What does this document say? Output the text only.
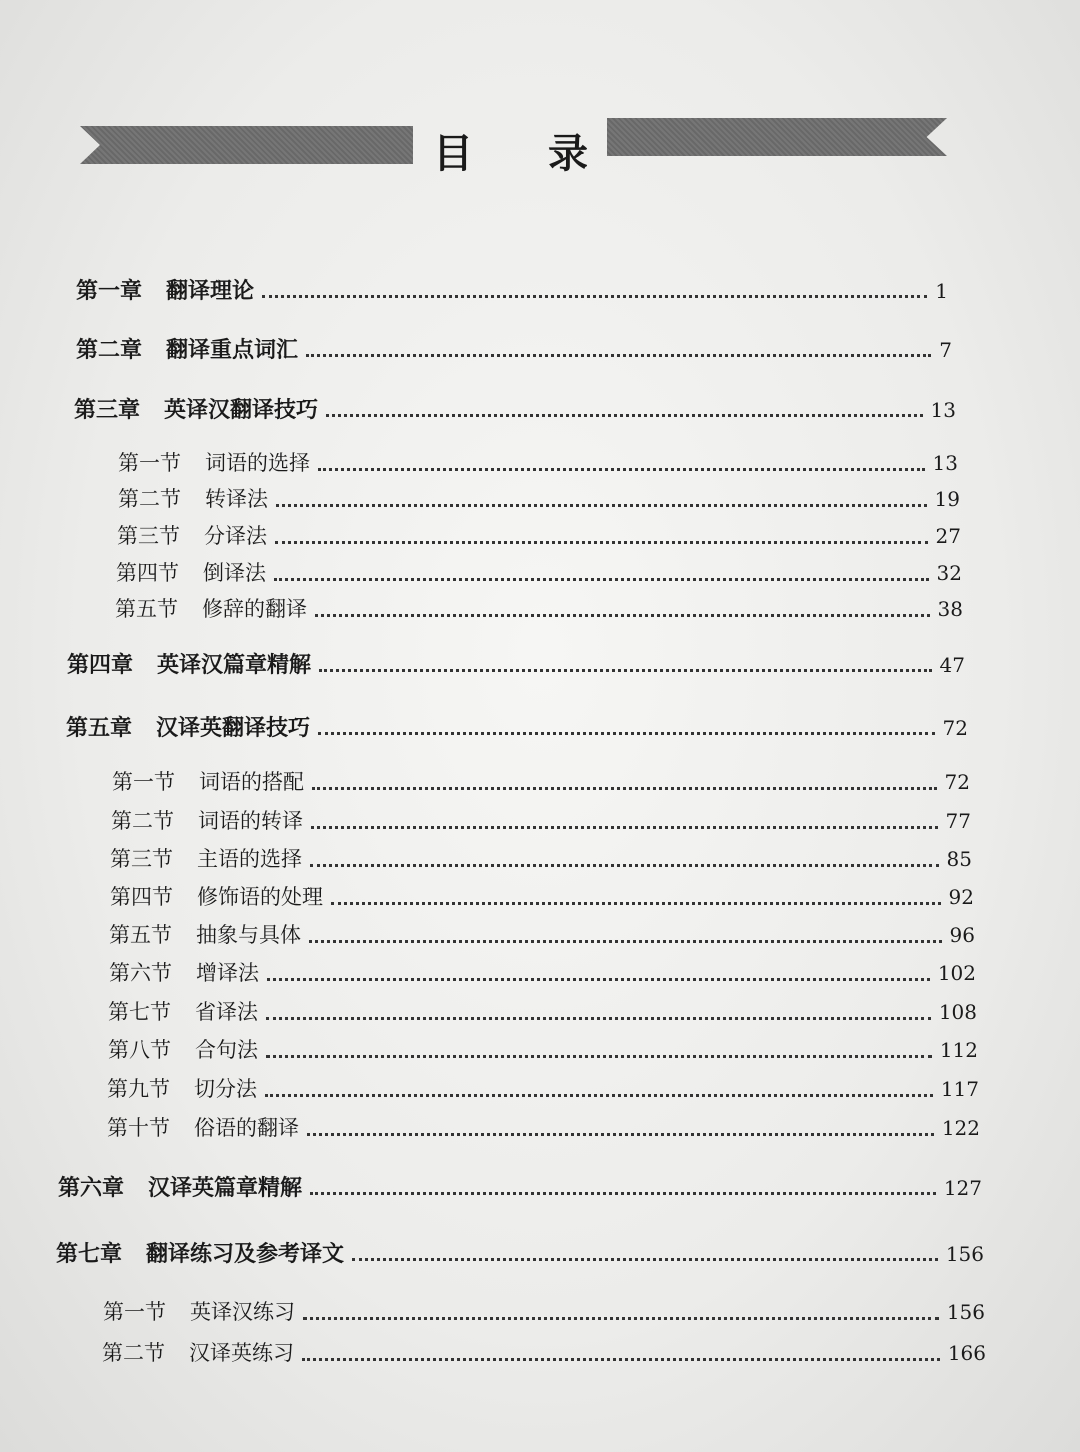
目 录
第一章 翻译理论	1
第二章 翻译重点词汇	7
第三章 英译汉翻译技巧	13
第一节 词语的选择	13
第二节 转译法	19
第三节 分译法	27
第四节 倒译法	32
第五节 修辞的翻译	38
第四章 英译汉篇章精解	47
第五章 汉译英翻译技巧	72
第一节 词语的搭配	72
第二节 词语的转译	77
第三节 主语的选择	85
第四节 修饰语的处理	92
第五节 抽象与具体	96
第六节 增译法	102
第七节 省译法	108
第八节 合句法	112
第九节 切分法	117
第十节 俗语的翻译	122
第六章 汉译英篇章精解	127
第七章 翻译练习及参考译文	156
第一节 英译汉练习	156
第二节 汉译英练习	166
